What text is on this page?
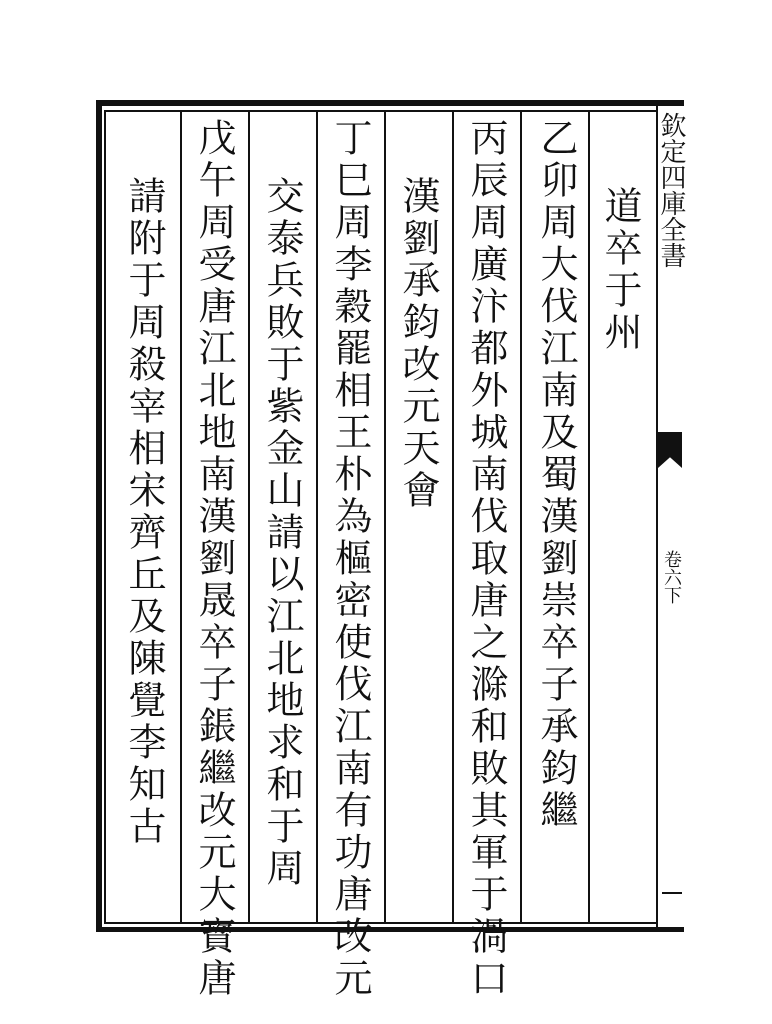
欽定四庫全書
卷六下
乙卯周大伐江南及蜀漢劉崇卒子承鈞繼 道卒于州
丙辰周廣汴都外城南伐取唐之滁和敗其軍于渦口
漢劉承鈞改元天會
丁巳周李穀罷相王朴為樞密使伐江南有功唐改元
交泰兵敗于紫金山請以江北地求和于周
戊午周受唐江北地南漢劉晟卒子鋹繼改元大寳唐
請附于周殺宰相宋齊丘及陳覺李知古
